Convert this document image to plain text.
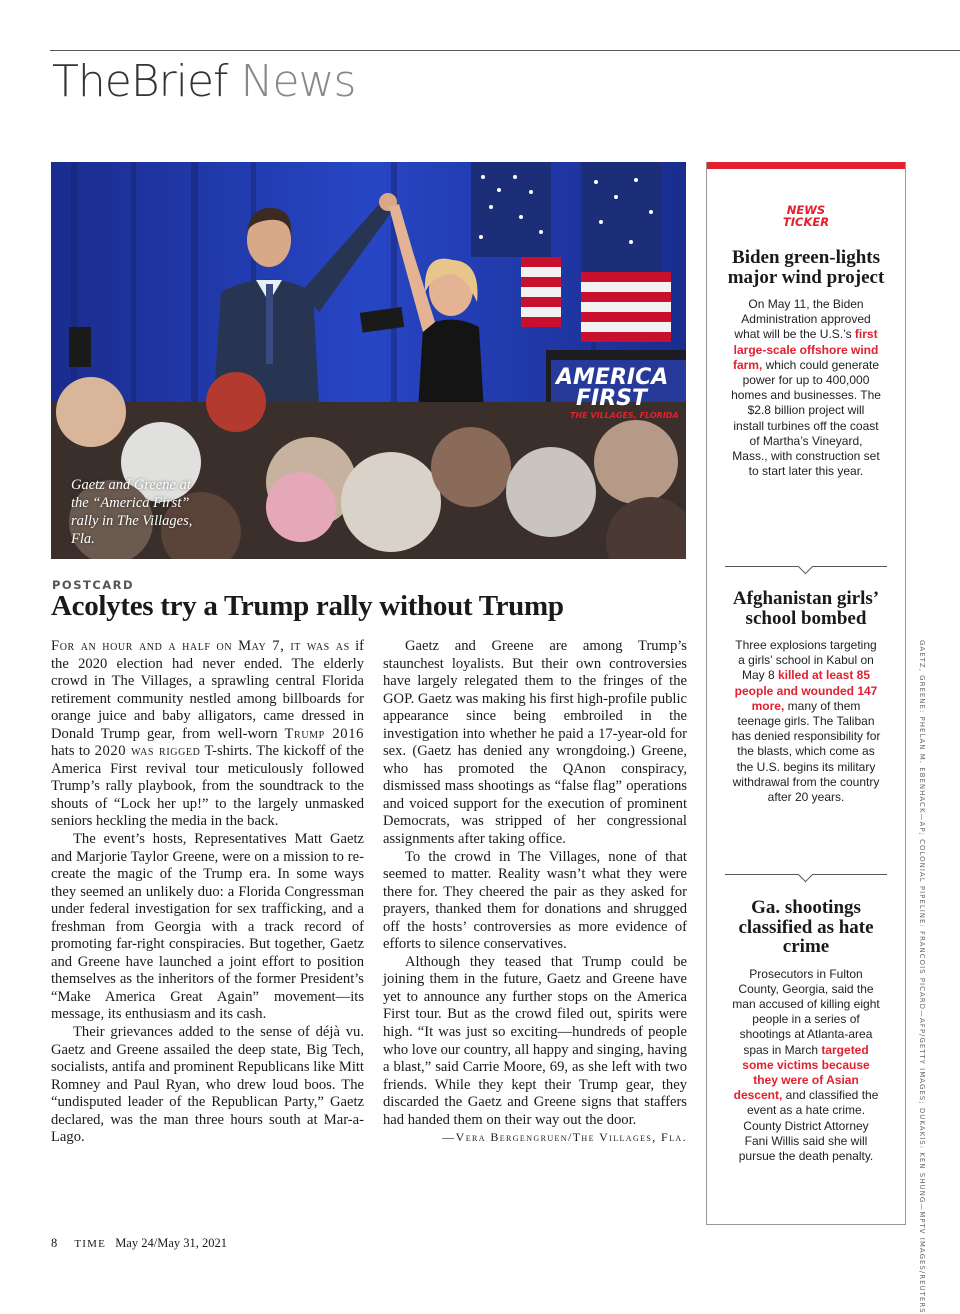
TheBrief News
AMERICA
FIRST
THE VILLAGES, FLORIDA
Gaetz and Greene at the “America First” rally in The Villages, Fla.
POSTCARD
Acolytes try a Trump rally without Trump

For an hour and a half on May 7, it was as if the 2020 election had never ended. The elderly crowd in The Villages, a sprawling central Florida retirement community nestled among billboards for orange juice and baby alligators, came dressed in Donald Trump gear, from well-worn Trump 2016 hats to 2020 was rigged T-shirts. The kickoff of the America First revival tour meticulously followed Trump’s rally playbook, from the soundtrack to the shouts of “Lock her up!” to the largely unmasked seniors heckling the media in the back.

The event’s hosts, Representatives Matt Gaetz and Marjorie Taylor Greene, were on a mission to re-create the magic of the Trump era. In some ways they seemed an unlikely duo: a Florida Congressman under federal investigation for sex trafficking, and a freshman from Georgia with a track record of promoting far-right conspiracies. But together, Gaetz and Greene have launched a joint effort to position themselves as the inheritors of the former President’s “Make America Great Again” movement—its message, its enthusiasm and its cash.

Their grievances added to the sense of déjà vu. Gaetz and Greene assailed the deep state, Big Tech, socialists, antifa and prominent Republicans like Mitt Romney and Paul Ryan, who drew loud boos. The “undisputed leader of the Republican Party,” Gaetz declared, was the man three hours south at Mar-a-Lago.

Gaetz and Greene are among Trump’s staunchest loyalists. But their own controversies have largely relegated them to the fringes of the GOP. Gaetz was making his first high-profile public appearance since being embroiled in the investigation into whether he paid a 17-year-old for sex. (Gaetz has denied any wrongdoing.) Greene, who has promoted the QAnon conspiracy, dismissed mass shootings as “false flag” operations and voiced support for the execution of prominent Democrats, was stripped of her congressional assignments after taking office.

To the crowd in The Villages, none of that seemed to matter. Reality wasn’t what they were there for. They cheered the pair as they asked for prayers, thanked them for donations and shrugged off the hosts’ controversies as more evidence of efforts to silence conservatives.

Although they teased that Trump could be joining them in the future, Gaetz and Greene have yet to announce any further stops on the America First tour. But as the crowd filed out, spirits were high. “It was just so exciting—hundreds of people who love our country, all happy and singing, having a blast,” said Carrie Moore, 69, as she left with two friends. While they kept their Trump gear, they discarded the Gaetz and Greene signs that staffers had handed them on their way out the door.

—Vera Bergengruen/The Villages, Fla.
NEWS
TICKER
Biden green-lights major wind project
On May 11, the Biden Administration approved what will be the U.S.’s first large-scale offshore wind farm, which could generate power for up to 400,000 homes and businesses. The $2.8 billion project will install turbines off the coast of Martha’s Vineyard, Mass., with construction set to start later this year.
Afghanistan girls’ school bombed
Three explosions targeting a girls’ school in Kabul on May 8 killed at least 85 people and wounded 147 more, many of them teenage girls. The Taliban has denied responsibility for the blasts, which come as the U.S. begins its military withdrawal from the country after 20 years.
Ga. shootings classified as hate crime
Prosecutors in Fulton County, Georgia, said the man accused of killing eight people in a series of shootings at Atlanta-area spas in March targeted some victims because they were of Asian descent, and classified the event as a hate crime. County District Attorney Fani Willis said she will pursue the death penalty.	GAETZ, GREENE: PHELAN M. EBENHACK—AP; COLONIAL PIPELINE: FRANCOIS PICARD—AFP/GETTY IMAGES; DUKAKIS: KEN SHUNG—MPTV IMAGES/REUTERS
8 TIME May 24/May 31, 2021
